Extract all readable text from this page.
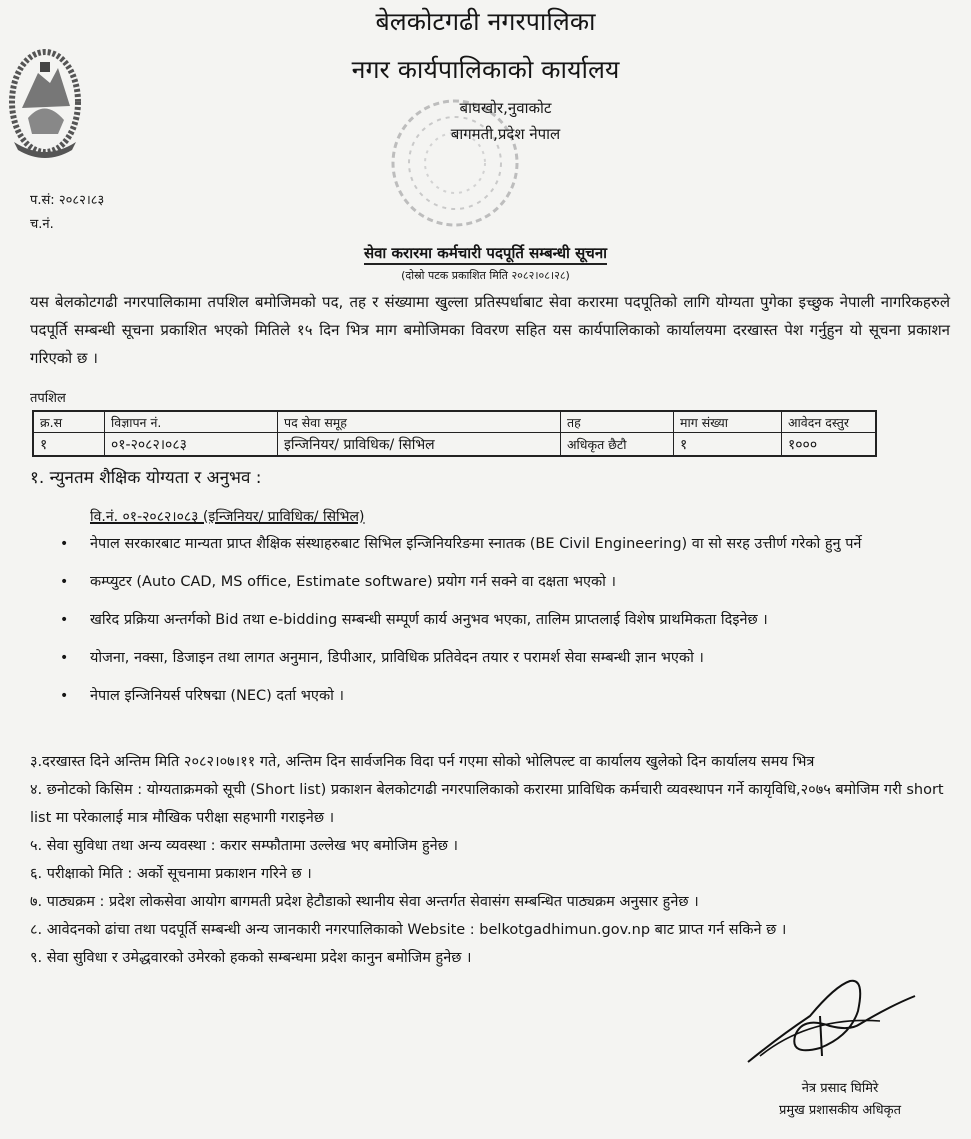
बेलकोटगढी नगरपालिका
नगर कार्यपालिकाको कार्यालय
बाघखोर,नुवाकोट
बागमती,प्रदेश नेपाल
प.सं: २०८२।८३
च.नं.
सेवा करारमा कर्मचारी पदपूर्ति सम्बन्धी सूचना
(दोस्रो पटक प्रकाशित मिति २०८२।०८।२८)
यस बेलकोटगढी नगरपालिकामा तपशिल बमोजिमको पद, तह र संख्यामा खुल्ला प्रतिस्पर्धाबाट सेवा करारमा पदपूतिको लागि योग्यता पुगेका इच्छुक नेपाली नागरिकहरुले पदपूर्ति सम्बन्धी सूचना प्रकाशित भएको मितिले १५ दिन भित्र माग बमोजिमका विवरण सहित यस कार्यपालिकाको कार्यालयमा दरखास्त पेश गर्नुहुन यो सूचना प्रकाशन गरिएको छ ।
तपशिल
क्र.स	विज्ञापन नं.	पद सेवा समूह	तह	माग संख्या	आवेदन दस्तुर
१	०१-२०८२।०८३	इन्जिनियर/ प्राविधिक/ सिभिल	अधिकृत छैटौ	१	१०००
१. न्युनतम शैक्षिक योग्यता र अनुभव :
वि.नं. ०१-२०८२।०८३ (इन्जिनियर/ प्राविधिक/ सिभिल)
• नेपाल सरकारबाट मान्यता प्राप्त शैक्षिक संस्थाहरुबाट सिभिल इन्जिनियरिङमा स्नातक (BE Civil Engineering) वा सो सरह उत्तीर्ण गरेको हुनु पर्ने
• कम्प्युटर (Auto CAD, MS office, Estimate software) प्रयोग गर्न सक्ने वा दक्षता भएको ।
• खरिद प्रक्रिया अन्तर्गको Bid तथा e-bidding सम्बन्धी सम्पूर्ण कार्य अनुभव भएका, तालिम प्राप्तलाई विशेष प्राथमिकता दिइनेछ ।
• योजना, नक्सा, डिजाइन तथा लागत अनुमान, डिपीआर, प्राविधिक प्रतिवेदन तयार र परामर्श सेवा सम्बन्धी ज्ञान भएको ।
• नेपाल इन्जिनियर्स परिषद्मा (NEC) दर्ता भएको ।
३.दरखास्त दिने अन्तिम मिति २०८२।०७।११ गते, अन्तिम दिन सार्वजनिक विदा पर्न गएमा सोको भोलिपल्ट वा कार्यालय खुलेको दिन कार्यालय समय भित्र
४. छनोटको किसिम : योग्यताक्रमको सूची (Short list) प्रकाशन बेलकोटगढी नगरपालिकाको करारमा प्राविधिक कर्मचारी व्यवस्थापन गर्ने कायृविधि,२०७५ बमोजिम गरी short list मा परेकालाई मात्र मौखिक परीक्षा सहभागी गराइनेछ ।
५. सेवा सुविधा तथा अन्य व्यवस्था : करार सम्फौतामा उल्लेख भए बमोजिम हुनेछ ।
६. परीक्षाको मिति : अर्को सूचनामा प्रकाशन गरिने छ ।
७. पाठ्यक्रम : प्रदेश लोकसेवा आयोग बागमती प्रदेश हेटौडाको स्थानीय सेवा अन्तर्गत सेवासंग सम्बन्धित पाठ्यक्रम अनुसार हुनेछ ।
८. आवेदनको ढांचा तथा पदपूर्ति सम्बन्धी अन्य जानकारी नगरपालिकाको Website : belkotgadhimun.gov.np बाट प्राप्त गर्न सकिने छ ।
९. सेवा सुविधा र उमेद्धवारको उमेरको हकको सम्बन्धमा प्रदेश कानुन बमोजिम हुनेछ ।
नेत्र प्रसाद घिमिरे
प्रमुख प्रशासकीय अधिकृत
